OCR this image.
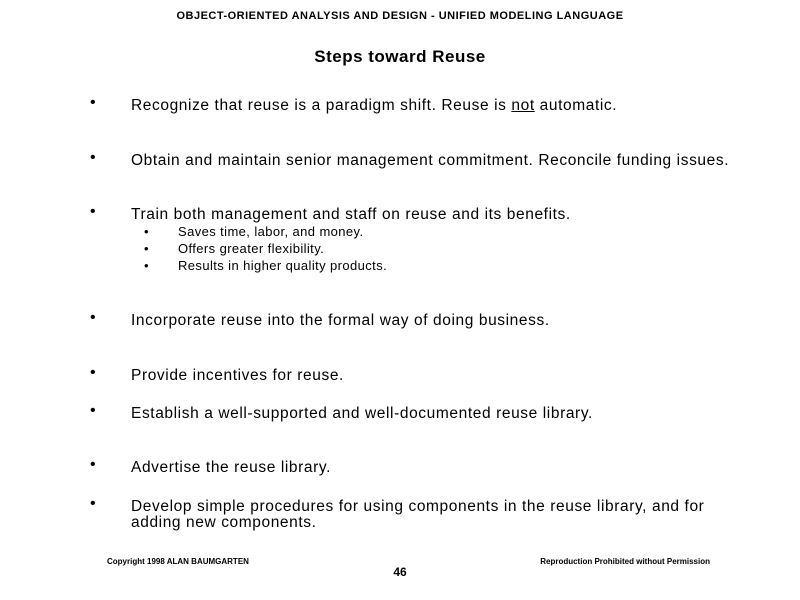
OBJECT-ORIENTED ANALYSIS AND DESIGN - UNIFIED MODELING LANGUAGE
Steps toward Reuse
• Recognize that reuse is a paradigm shift. Reuse is not automatic.
• Obtain and maintain senior management commitment. Reconcile funding issues.
• Train both management and staff on reuse and its benefits.
• Saves time, labor, and money.
• Offers greater flexibility.
• Results in higher quality products.
• Incorporate reuse into the formal way of doing business.
• Provide incentives for reuse.
• Establish a well-supported and well-documented reuse library.
• Advertise the reuse library.
• Develop simple procedures for using components in the reuse library, and for adding new components.
Copyright 1998 ALAN BAUMGARTEN	Reproduction Prohibited without Permission
46
